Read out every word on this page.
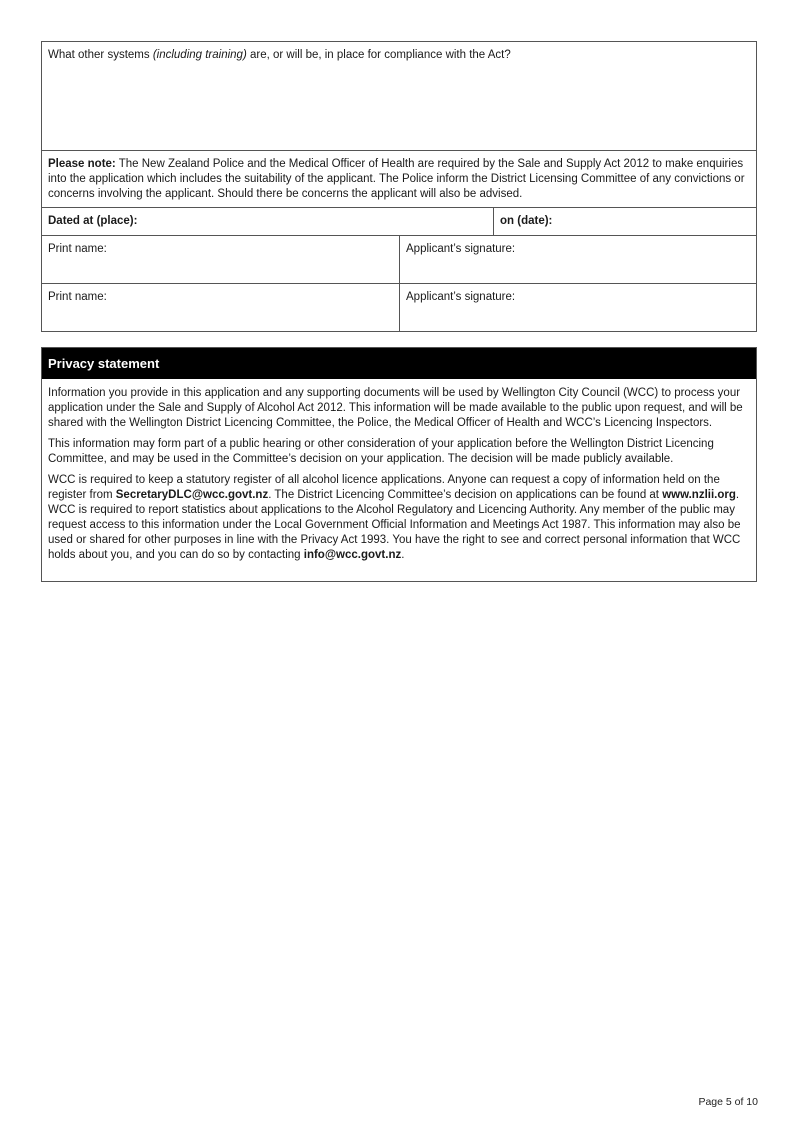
What other systems (including training) are, or will be, in place for compliance with the Act?
Please note: The New Zealand Police and the Medical Officer of Health are required by the Sale and Supply Act 2012 to make enquiries into the application which includes the suitability of the applicant. The Police inform the District Licensing Committee of any convictions or concerns involving the applicant. Should there be concerns the applicant will also be advised.
Dated at (place):	on (date):
Print name:	Applicant’s signature:
Print name:	Applicant’s signature:
Privacy statement

Information you provide in this application and any supporting documents will be used by Wellington City Council (WCC) to process your application under the Sale and Supply of Alcohol Act 2012. This information will be made available to the public upon request, and will be shared with the Wellington District Licencing Committee, the Police, the Medical Officer of Health and WCC’s Licencing Inspectors.

This information may form part of a public hearing or other consideration of your application before the Wellington District Licencing Committee, and may be used in the Committee’s decision on your application. The decision will be made publicly available.

WCC is required to keep a statutory register of all alcohol licence applications. Anyone can request a copy of information held on the register from SecretaryDLC@wcc.govt.nz. The District Licencing Committee’s decision on applications can be found at www.nzlii.org. WCC is required to report statistics about applications to the Alcohol Regulatory and Licencing Authority. Any member of the public may request access to this information under the Local Government Official Information and Meetings Act 1987. This information may also be used or shared for other purposes in line with the Privacy Act 1993. You have the right to see and correct personal information that WCC holds about you, and you can do so by contacting info@wcc.govt.nz.

Page 5 of 10
